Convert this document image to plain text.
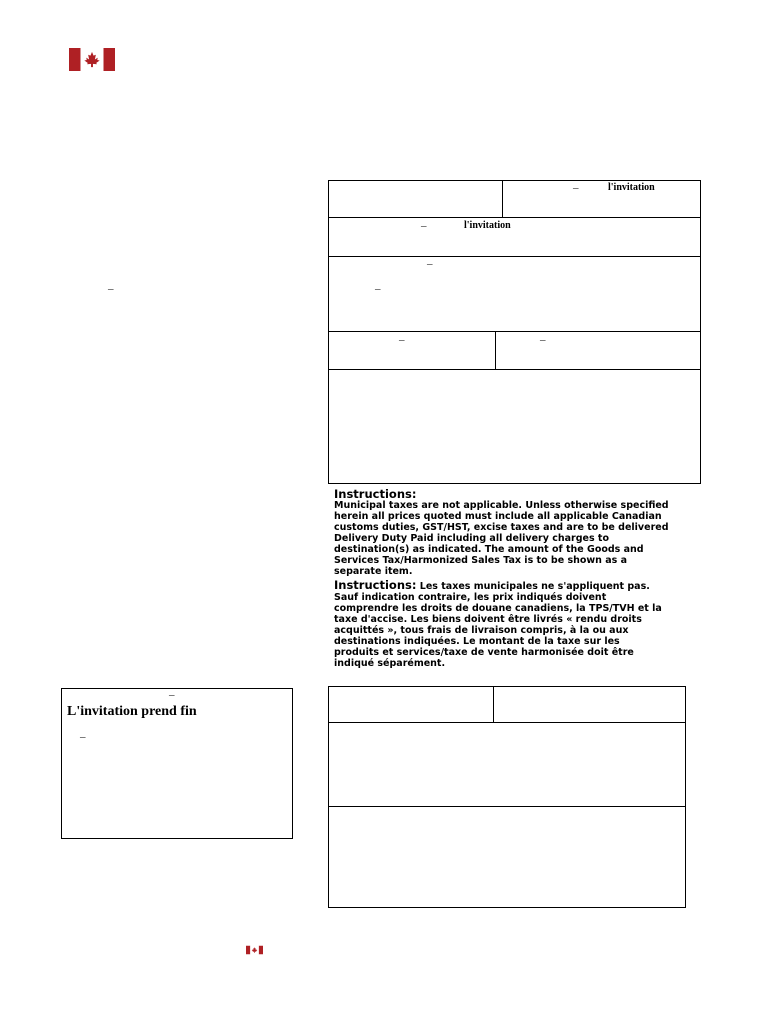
–
–	l'invitation
–	l'invitation
–
–
–	–
Instructions:
Municipal taxes are not applicable. Unless otherwise specified herein all prices quoted must include all applicable Canadian customs duties, GST/HST, excise taxes and are to be delivered Delivery Duty Paid including all delivery charges to destination(s) as indicated. The amount of the Goods and Services Tax/Harmonized Sales Tax is to be shown as a separate item.
Instructions: Les taxes municipales ne s'appliquent pas. Sauf indication contraire, les prix indiqués doivent comprendre les droits de douane canadiens, la TPS/TVH et la taxe d'accise. Les biens doivent être livrés « rendu droits acquittés », tous frais de livraison compris, à la ou aux destinations indiquées. Le montant de la taxe sur les produits et services/taxe de vente harmonisée doit être indiqué séparément.
–
L'invitation prend fin
–
